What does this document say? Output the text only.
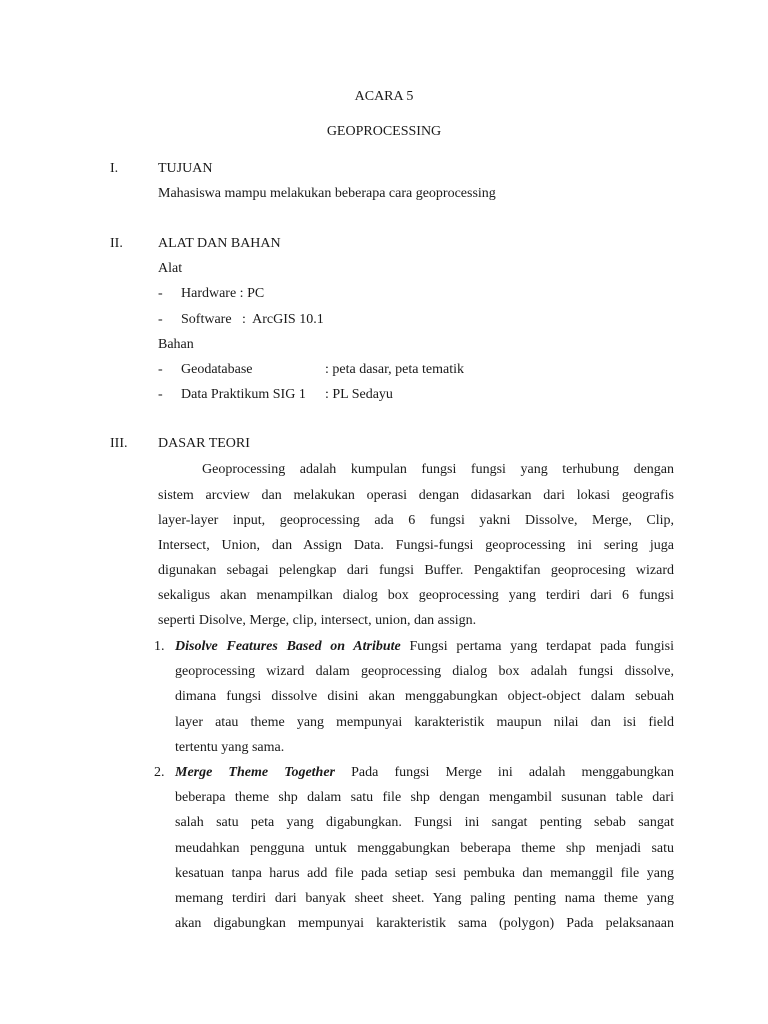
ACARA 5
GEOPROCESSING
I.	TUJUAN
Mahasiswa mampu melakukan beberapa cara geoprocessing
II.	ALAT DAN BAHAN
Alat
- Hardware : PC
- Software   :  ArcGIS 10.1
Bahan
- Geodatabase	: peta dasar, peta tematik
- Data Praktikum SIG 1 : PL Sedayu
III. DASAR TEORI
Geoprocessing adalah kumpulan fungsi fungsi yang terhubung dengan
sistem arcview dan melakukan operasi dengan didasarkan dari lokasi geografis
layer-layer input, geoprocessing ada 6 fungsi yakni Dissolve, Merge, Clip,
Intersect, Union, dan Assign Data. Fungsi-fungsi geoprocessing ini sering juga
digunakan sebagai pelengkap dari fungsi Buffer. Pengaktifan geoprocesing wizard
sekaligus akan menampilkan dialog box geoprocessing yang terdiri dari 6 fungsi
seperti Disolve, Merge, clip, intersect, union, dan assign.
1. Disolve Features Based on Atribute Fungsi pertama yang terdapat pada fungisi
geoprocessing wizard dalam geoprocessing dialog box adalah fungsi dissolve,
dimana fungsi dissolve disini akan menggabungkan object-object dalam sebuah
layer atau theme yang mempunyai karakteristik maupun nilai dan isi field
tertentu yang sama.
2. Merge Theme Together Pada fungsi Merge ini adalah menggabungkan
beberapa theme shp dalam satu file shp dengan mengambil susunan table dari
salah satu peta yang digabungkan. Fungsi ini sangat penting sebab sangat
meudahkan pengguna untuk menggabungkan beberapa theme shp menjadi satu
kesatuan tanpa harus add file pada setiap sesi pembuka dan memanggil file yang
memang terdiri dari banyak sheet sheet. Yang paling penting nama theme yang
akan digabungkan mempunyai karakteristik sama (polygon) Pada pelaksanaan
